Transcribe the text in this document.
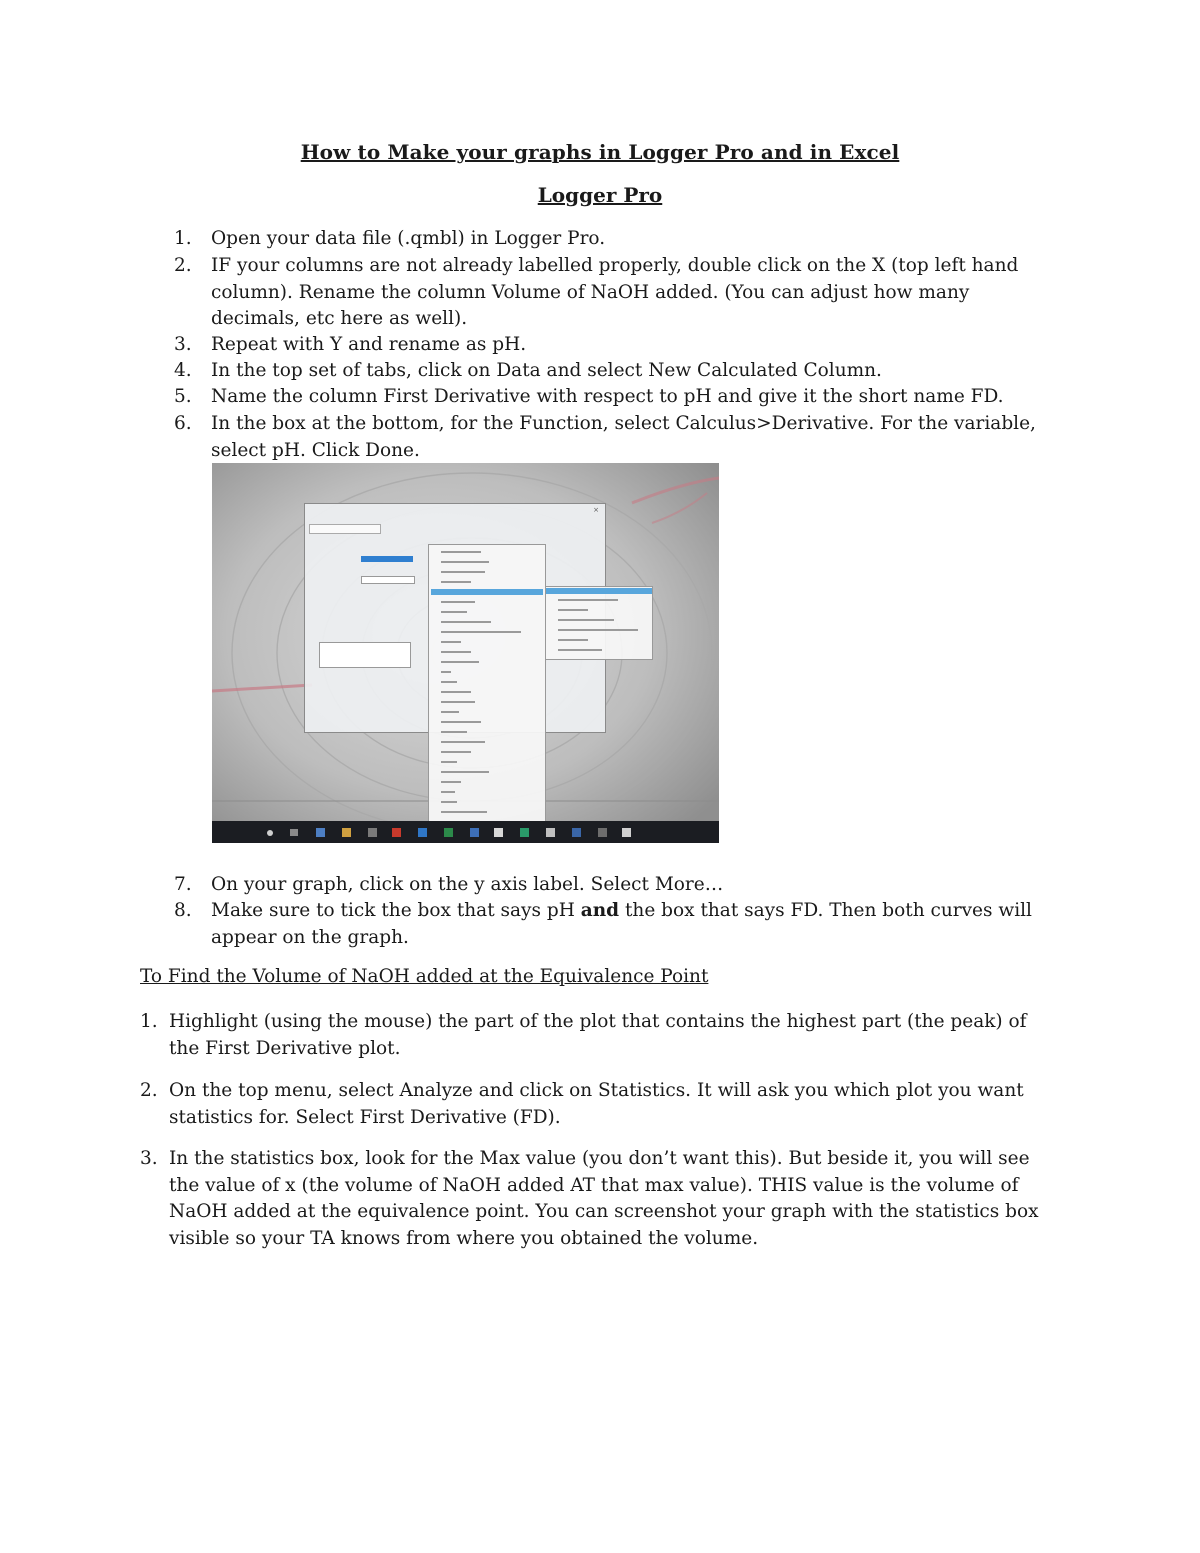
How to Make your graphs in Logger Pro and in Excel
Logger Pro
1. Open your data file (.qmbl) in Logger Pro.
2. IF your columns are not already labelled properly, double click on the X (top left hand column). Rename the column Volume of NaOH added. (You can adjust how many decimals, etc here as well).
3. Repeat with Y and rename as pH.
4. In the top set of tabs, click on Data and select New Calculated Column.
5. Name the column First Derivative with respect to pH and give it the short name FD.
6. In the box at the bottom, for the Function, select Calculus>Derivative. For the variable, select pH. Click Done.
×
7. On your graph, click on the y axis label. Select More…
8. Make sure to tick the box that says pH and the box that says FD. Then both curves will appear on the graph.
To Find the Volume of NaOH added at the Equivalence Point
1. Highlight (using the mouse) the part of the plot that contains the highest part (the peak) of the First Derivative plot.
2. On the top menu, select Analyze and click on Statistics. It will ask you which plot you want statistics for. Select First Derivative (FD).
3. In the statistics box, look for the Max value (you don’t want this). But beside it, you will see the value of x (the volume of NaOH added AT that max value). THIS value is the volume of NaOH added at the equivalence point. You can screenshot your graph with the statistics box visible so your TA knows from where you obtained the volume.
